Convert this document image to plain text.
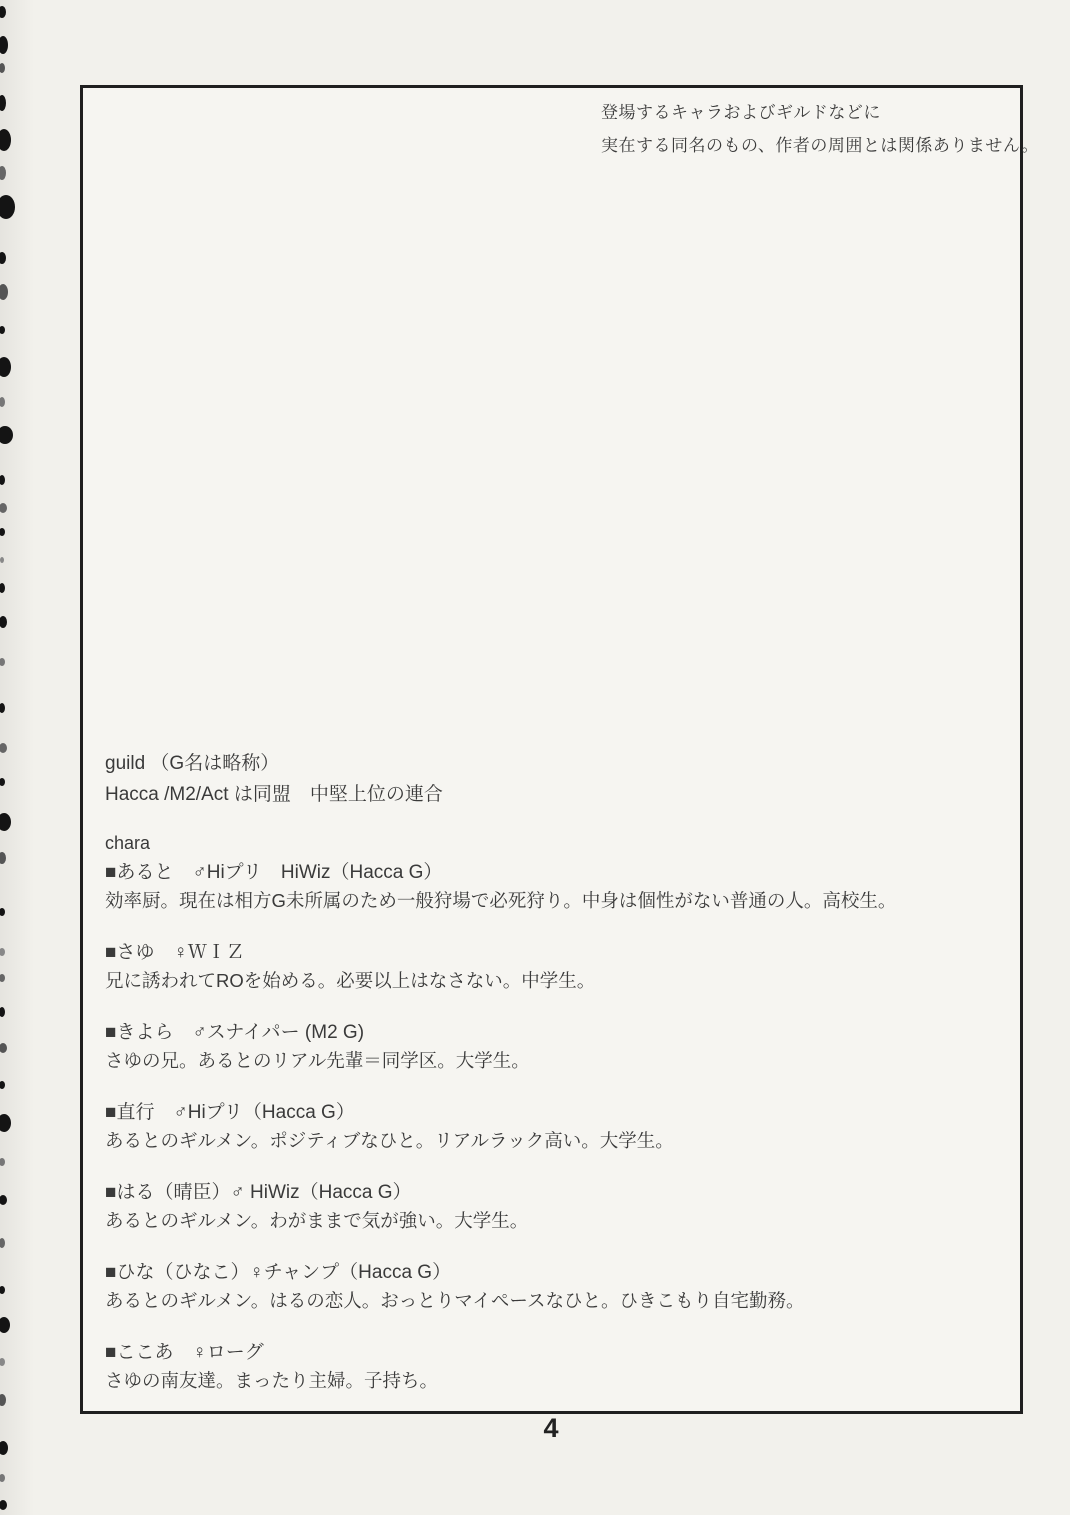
登場するキャラおよびギルドなどに
実在する同名のもの、作者の周囲とは関係ありません。
guild （G名は略称）
Hacca /M2/Act は同盟　中堅上位の連合
chara
■あると　♂Hiプリ　HiWiz（Hacca G）
効率厨。現在は相方G未所属のため一般狩場で必死狩り。中身は個性がない普通の人。高校生。
■さゆ　♀ＷＩＺ
兄に誘われてROを始める。必要以上はなさない。中学生。
■きよら　♂スナイパー (M2 G)
さゆの兄。あるとのリアル先輩＝同学区。大学生。
■直行　♂Hiプリ（Hacca G）
あるとのギルメン。ポジティブなひと。リアルラック高い。大学生。
■はる（晴臣）♂ HiWiz（Hacca G）
あるとのギルメン。わがままで気が強い。大学生。
■ひな（ひなこ）♀チャンプ（Hacca G）
あるとのギルメン。はるの恋人。おっとりマイペースなひと。ひきこもり自宅勤務。
■ここあ　♀ローグ
さゆの南友達。まったり主婦。子持ち。
4
